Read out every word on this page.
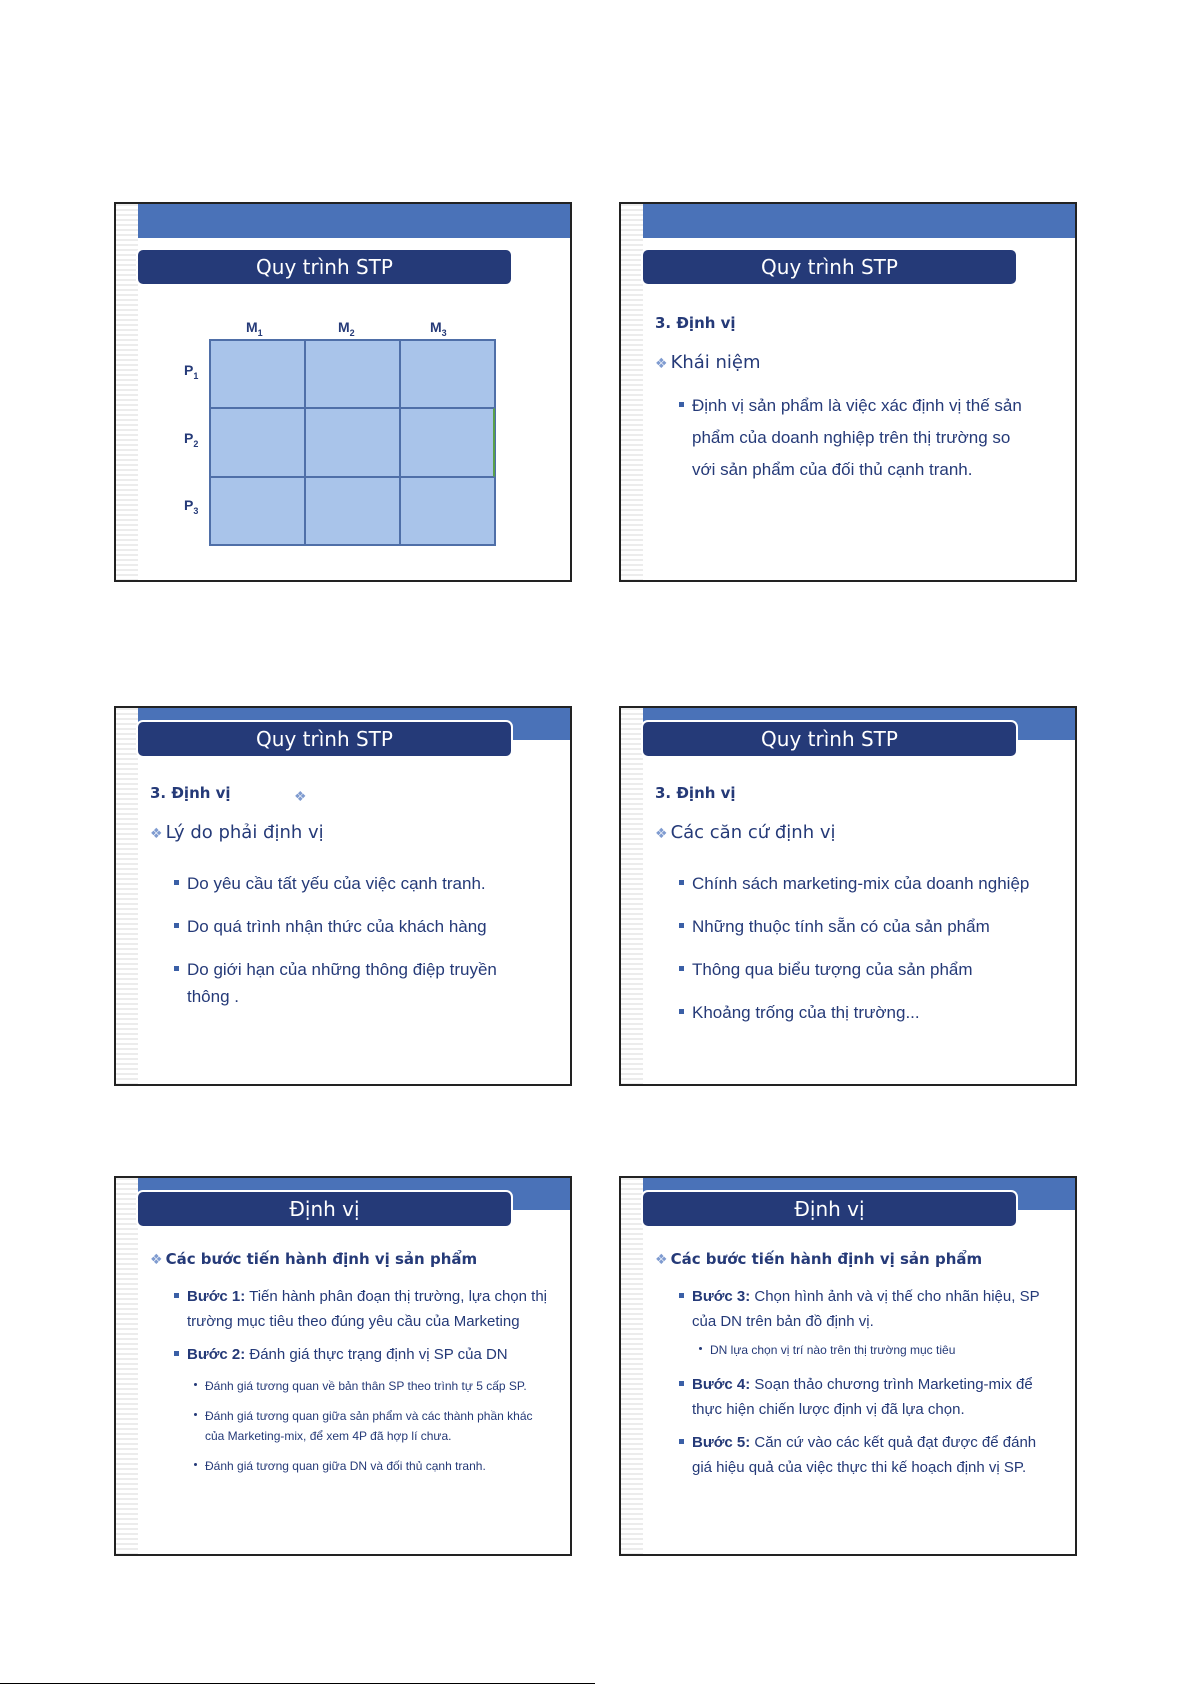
Quy trình STP
$M_1$	$M_2$	$M_3$
$P_1$
$P_2$
$P_3$
Quy trình STP
3. Định vị
❖ Khái niệm
Định vị sản phẩm là việc xác định vị thế sản
phẩm của doanh nghiệp trên thị trường so
với sản phẩm của đối thủ cạnh tranh.
Quy trình STP
3. Định vị	❖
❖ Lý do phải định vị
Do yêu cầu tất yếu của việc cạnh tranh.
Do quá trình nhận thức của khách hàng
Do giới hạn của những thông điệp truyền
thông .
Quy trình STP
3. Định vị
❖ Các căn cứ định vị
Chính sách marketing-mix của doanh nghiệp
Những thuộc tính sẵn có của sản phẩm
Thông qua biểu tượng của sản phẩm
Khoảng trống của thị trường...
Định vị
❖ Các bước tiến hành định vị sản phẩm
Bước 1: Tiến hành phân đoạn thị trường, lựa chọn thị
trường mục tiêu theo đúng yêu cầu của Marketing
Bước 2: Đánh giá thực trạng định vị SP của DN
Đánh giá tương quan về bản thân SP theo trình tự 5 cấp SP.
Đánh giá tương quan giữa sản phẩm và các thành phần khác
của Marketing-mix, để xem 4P đã hợp lí chưa.
Đánh giá tương quan giữa DN và đối thủ cạnh tranh.
Định vị
❖ Các bước tiến hành định vị sản phẩm
Bước 3: Chọn hình ảnh và vị thế cho nhãn hiệu, SP
của DN trên bản đồ định vị.
DN lựa chọn vị trí nào trên thị trường mục tiêu
Bước 4: Soạn thảo chương trình Marketing-mix để
thực hiện chiến lược định vị đã lựa chọn.
Bước 5: Căn cứ vào các kết quả đạt được để đánh
giá hiệu quả của việc thực thi kế hoạch định vị SP.
